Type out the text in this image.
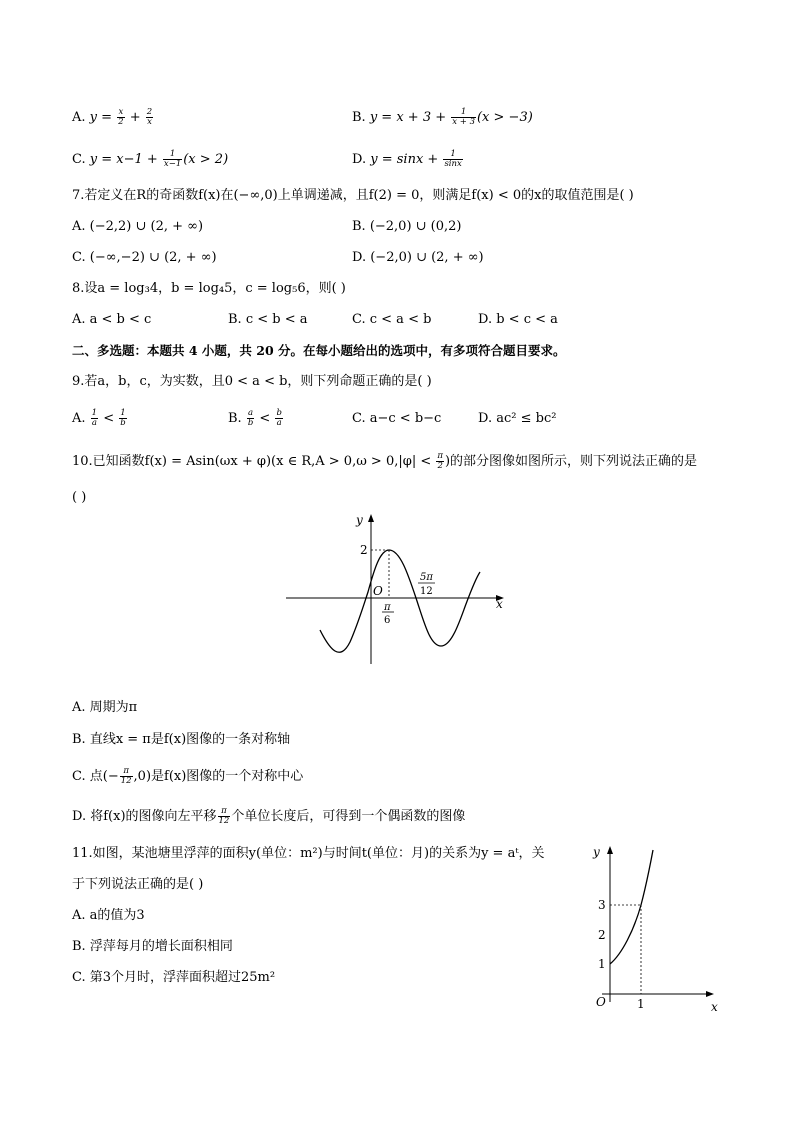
A. $y = \frac{x}{2} + \frac{2}{x}$	B. $y = x + 3 + \frac{1}{x + 3} (x > -3)$
C. $y = x-1 + \frac{1}{x-1} (x > 2)$	D. $y = \sin x + \frac{1}{\sin x}$
7.若定义在R的奇函数f(x)在(−∞,0)上单调递减，且f(2) = 0，则满足f(x) < 0的x的取值范围是( )
A. (−2,2) ∪ (2, + ∞)	B. (−2,0) ∪ (0,2)
C. (−∞,−2) ∪ (2, + ∞)	D. (−2,0) ∪ (2, + ∞)
8.设a = log₃4，b = log₄5，c = log₅6，则( )
A. a < b < c	B. c < b < a	C. c < a < b	D. b < c < a
二、多选题：本题共 4 小题，共 20 分。在每小题给出的选项中，有多项符合题目要求。
9.若a，b，c，为实数，且0 < a < b，则下列命题正确的是( )
A. $\frac{1}{a} < \frac{1}{b}$	B. $\frac{a}{b} < \frac{b}{a}$	C. a−c < b−c	D. ac² ≤ bc²
10.已知函数f(x) = Asin(ωx + φ)(x ∈ $R,A > 0,\omega > 0,|\varphi| < \frac{\pi}{2}$ )的部分图像如图所示，则下列说法正确的是
( )
y
x
O
2
π
6
5π
12
A. 周期为π
B. 直线x = π是f(x)图像的一条对称轴
C. 点(− $\frac{\pi}{12} ,0$)是f(x)图像的一个对称中心
D. 将f(x)的图像向左平移 $\frac{\pi}{12}$ 个单位长度后，可得到一个偶函数的图像
11.如图，某池塘里浮萍的面积y(单位：m²)与时间t(单位：月)的关系为y = aᵗ，关
于下列说法正确的是( )
A. a的值为3
B. 浮萍每月的增长面积相同
C. 第3个月时，浮萍面积超过25m²
y
x
O
1
2
3
1
